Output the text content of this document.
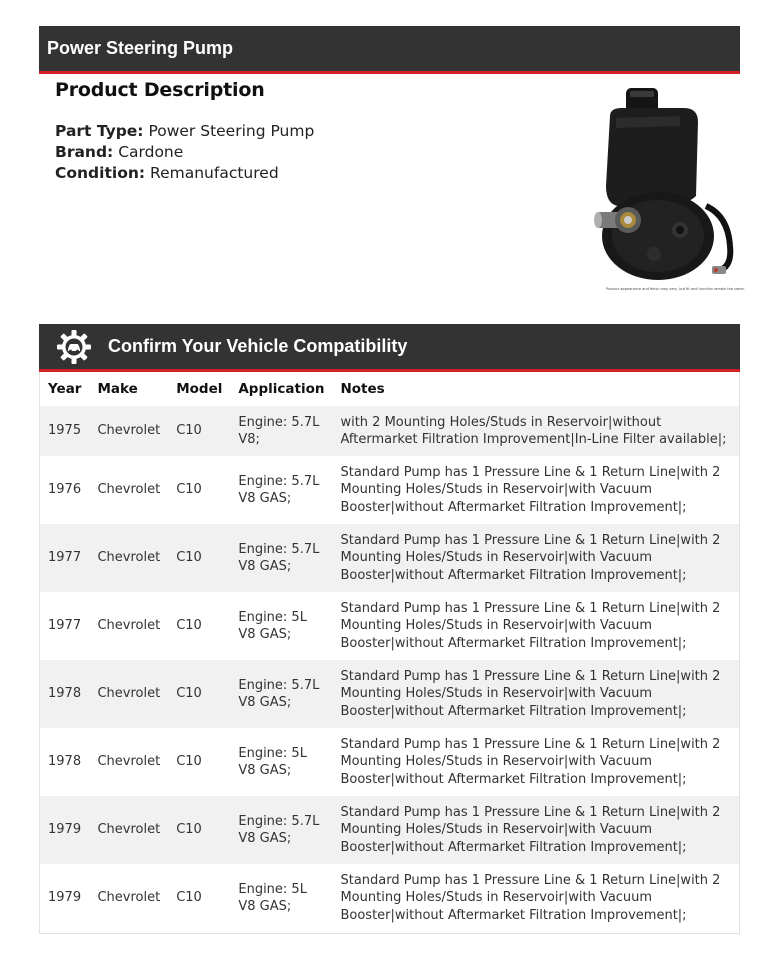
Power Steering Pump
Product Description
Part Type: Power Steering Pump
Brand: Cardone
Condition: Remanufactured
Product appearance and finish may vary, but fit and function remain the same.
Confirm Your Vehicle Compatibility
Year	Make	Model	Application	Notes
1975	Chevrolet	C10	Engine: 5.7L V8;	with 2 Mounting Holes/Studs in Reservoir|without Aftermarket Filtration Improvement|In-Line Filter available|;
1976	Chevrolet	C10	Engine: 5.7L V8 GAS;	Standard Pump has 1 Pressure Line & 1 Return Line|with 2 Mounting Holes/Studs in Reservoir|with Vacuum Booster|without Aftermarket Filtration Improvement|;
1977	Chevrolet	C10	Engine: 5.7L V8 GAS;	Standard Pump has 1 Pressure Line & 1 Return Line|with 2 Mounting Holes/Studs in Reservoir|with Vacuum Booster|without Aftermarket Filtration Improvement|;
1977	Chevrolet	C10	Engine: 5L V8 GAS;	Standard Pump has 1 Pressure Line & 1 Return Line|with 2 Mounting Holes/Studs in Reservoir|with Vacuum Booster|without Aftermarket Filtration Improvement|;
1978	Chevrolet	C10	Engine: 5.7L V8 GAS;	Standard Pump has 1 Pressure Line & 1 Return Line|with 2 Mounting Holes/Studs in Reservoir|with Vacuum Booster|without Aftermarket Filtration Improvement|;
1978	Chevrolet	C10	Engine: 5L V8 GAS;	Standard Pump has 1 Pressure Line & 1 Return Line|with 2 Mounting Holes/Studs in Reservoir|with Vacuum Booster|without Aftermarket Filtration Improvement|;
1979	Chevrolet	C10	Engine: 5.7L V8 GAS;	Standard Pump has 1 Pressure Line & 1 Return Line|with 2 Mounting Holes/Studs in Reservoir|with Vacuum Booster|without Aftermarket Filtration Improvement|;
1979	Chevrolet	C10	Engine: 5L V8 GAS;	Standard Pump has 1 Pressure Line & 1 Return Line|with 2 Mounting Holes/Studs in Reservoir|with Vacuum Booster|without Aftermarket Filtration Improvement|;
